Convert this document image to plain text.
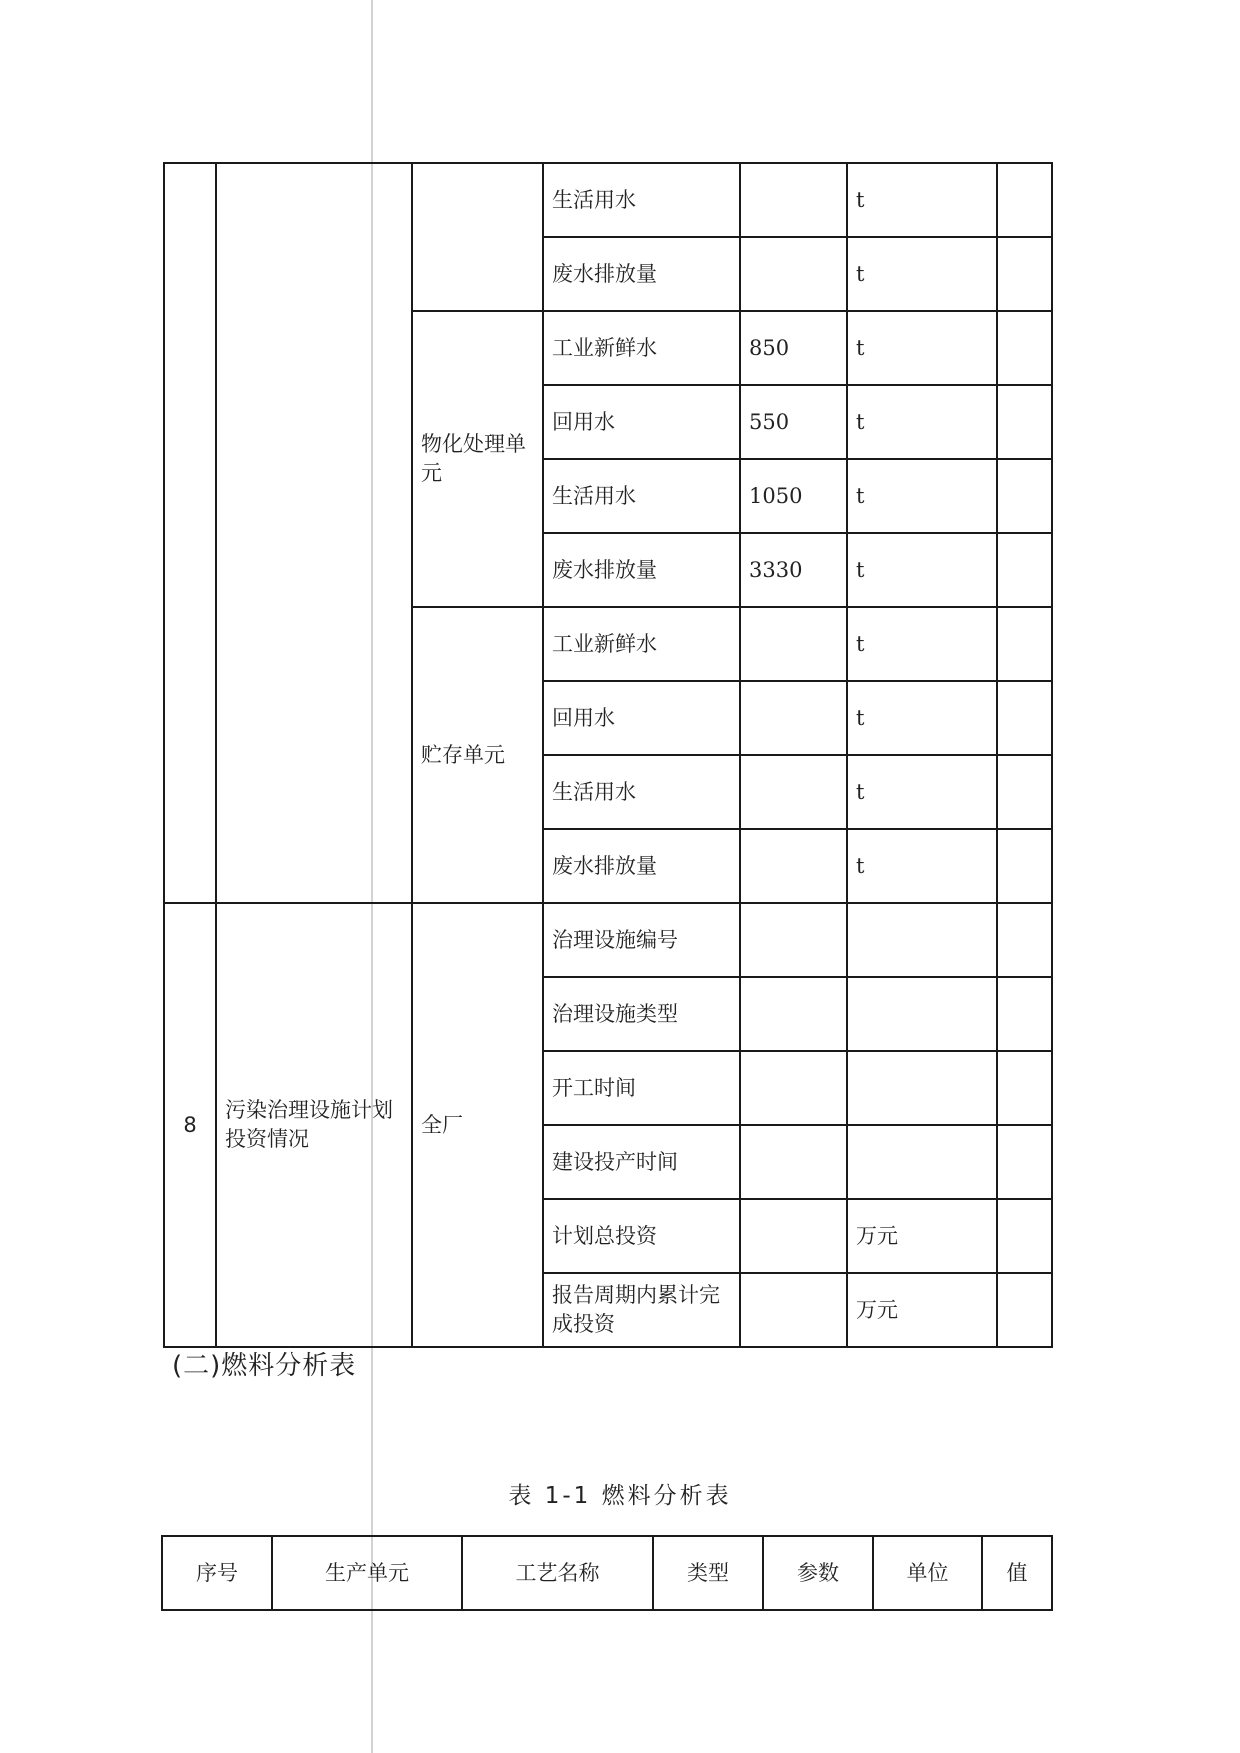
			生活用水		t	
			废水排放量		t	
		物化处理单元	工业新鲜水	850	t	
			回用水	550	t	
			生活用水	1050	t	
			废水排放量	3330	t	
		贮存单元	工业新鲜水		t	
			回用水		t	
			生活用水		t	
			废水排放量		t	
8	污染治理设施计划投资情况	全厂	治理设施编号			
			治理设施类型			
			开工时间			
			建设投产时间			
			计划总投资		万元	
			报告周期内累计完成投资		万元	
(二)燃料分析表
表 1-1 燃料分析表
序号	生产单元	工艺名称	类型	参数	单位	值
